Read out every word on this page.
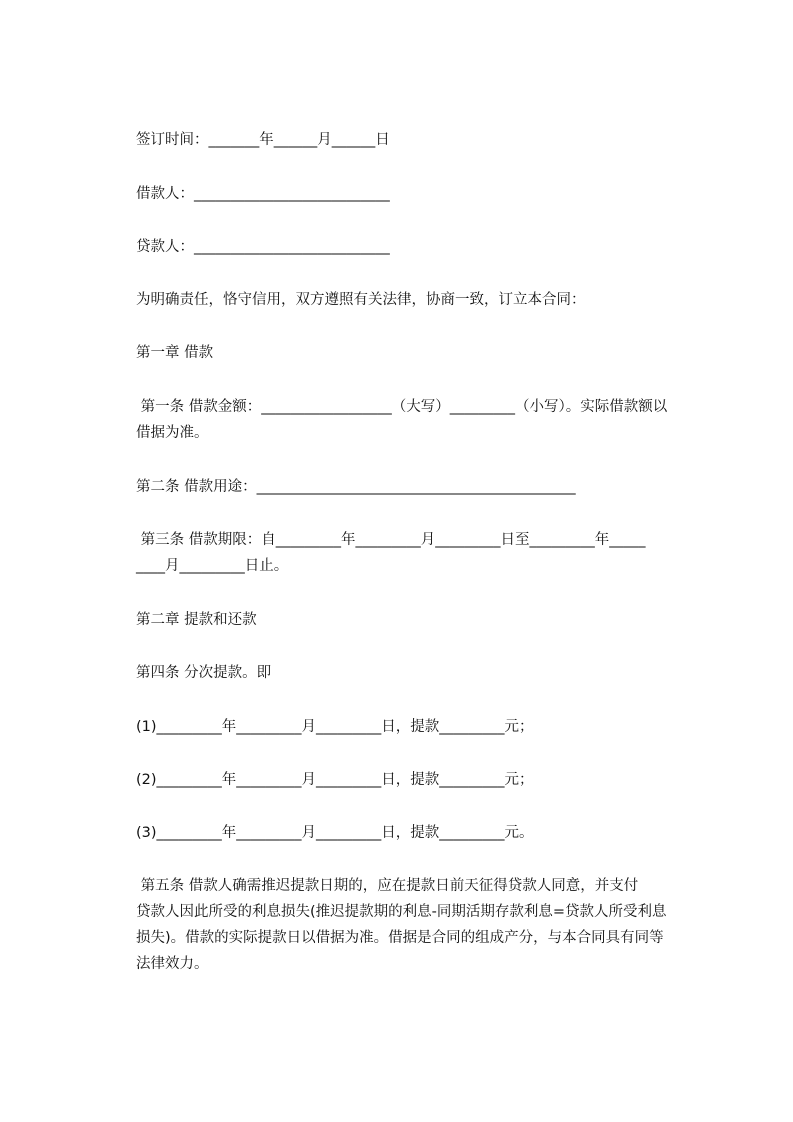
签订时间：_______年______月______日
借款人：___________________________
贷款人：___________________________
为明确责任，恪守信用，双方遵照有关法律，协商一致，订立本合同：
第一章 借款
第一条 借款金额：__________________（大写）_________（小写）。实际借款额以
借据为准。
第二条 借款用途：____________________________________________
第三条 借款期限：自_________年_________月_________日至_________年_____
____月_________日止。
第二章 提款和还款
第四条 分次提款。即
(1)_________年_________月_________日，提款_________元；
(2)_________年_________月_________日，提款_________元；
(3)_________年_________月_________日，提款_________元。
第五条 借款人确需推迟提款日期的，应在提款日前天征得贷款人同意，并支付
贷款人因此所受的利息损失(推迟提款期的利息-同期活期存款利息=贷款人所受利息
损失)。借款的实际提款日以借据为准。借据是合同的组成产分，与本合同具有同等
法律效力。
